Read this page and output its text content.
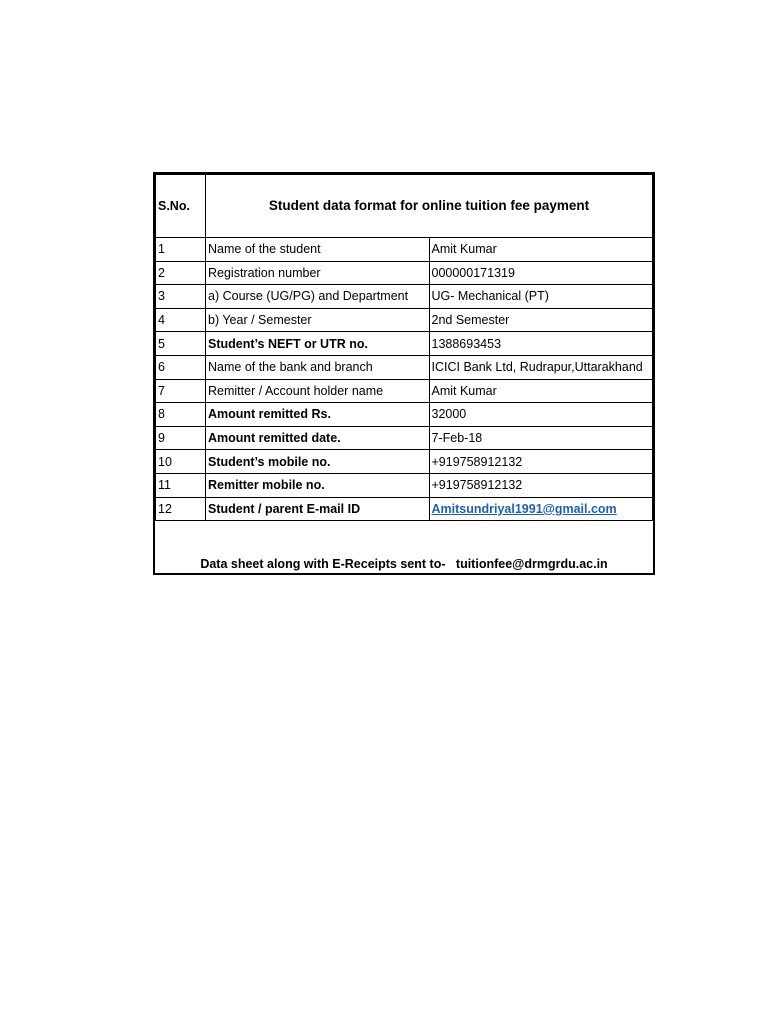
S.No.	Student data format for online tuition fee payment	
1	Name of the student	Amit Kumar
2	Registration number	000000171319
3	a) Course (UG/PG) and Department	UG- Mechanical (PT)
4	b) Year / Semester	2nd Semester
5	Student’s NEFT or UTR no.	1388693453
6	Name of the bank and branch	ICICI Bank Ltd, Rudrapur,Uttarakhand
7	Remitter / Account holder name	Amit Kumar
8	Amount remitted Rs.	32000
9	Amount remitted date.	7-Feb-18
10	Student’s mobile no.	+919758912132
11	Remitter mobile no.	+919758912132
12	Student / parent E-mail ID	Amitsundriyal1991@gmail.com
Data sheet along with E-Receipts sent to-   tuitionfee@drmgrdu.ac.in		
